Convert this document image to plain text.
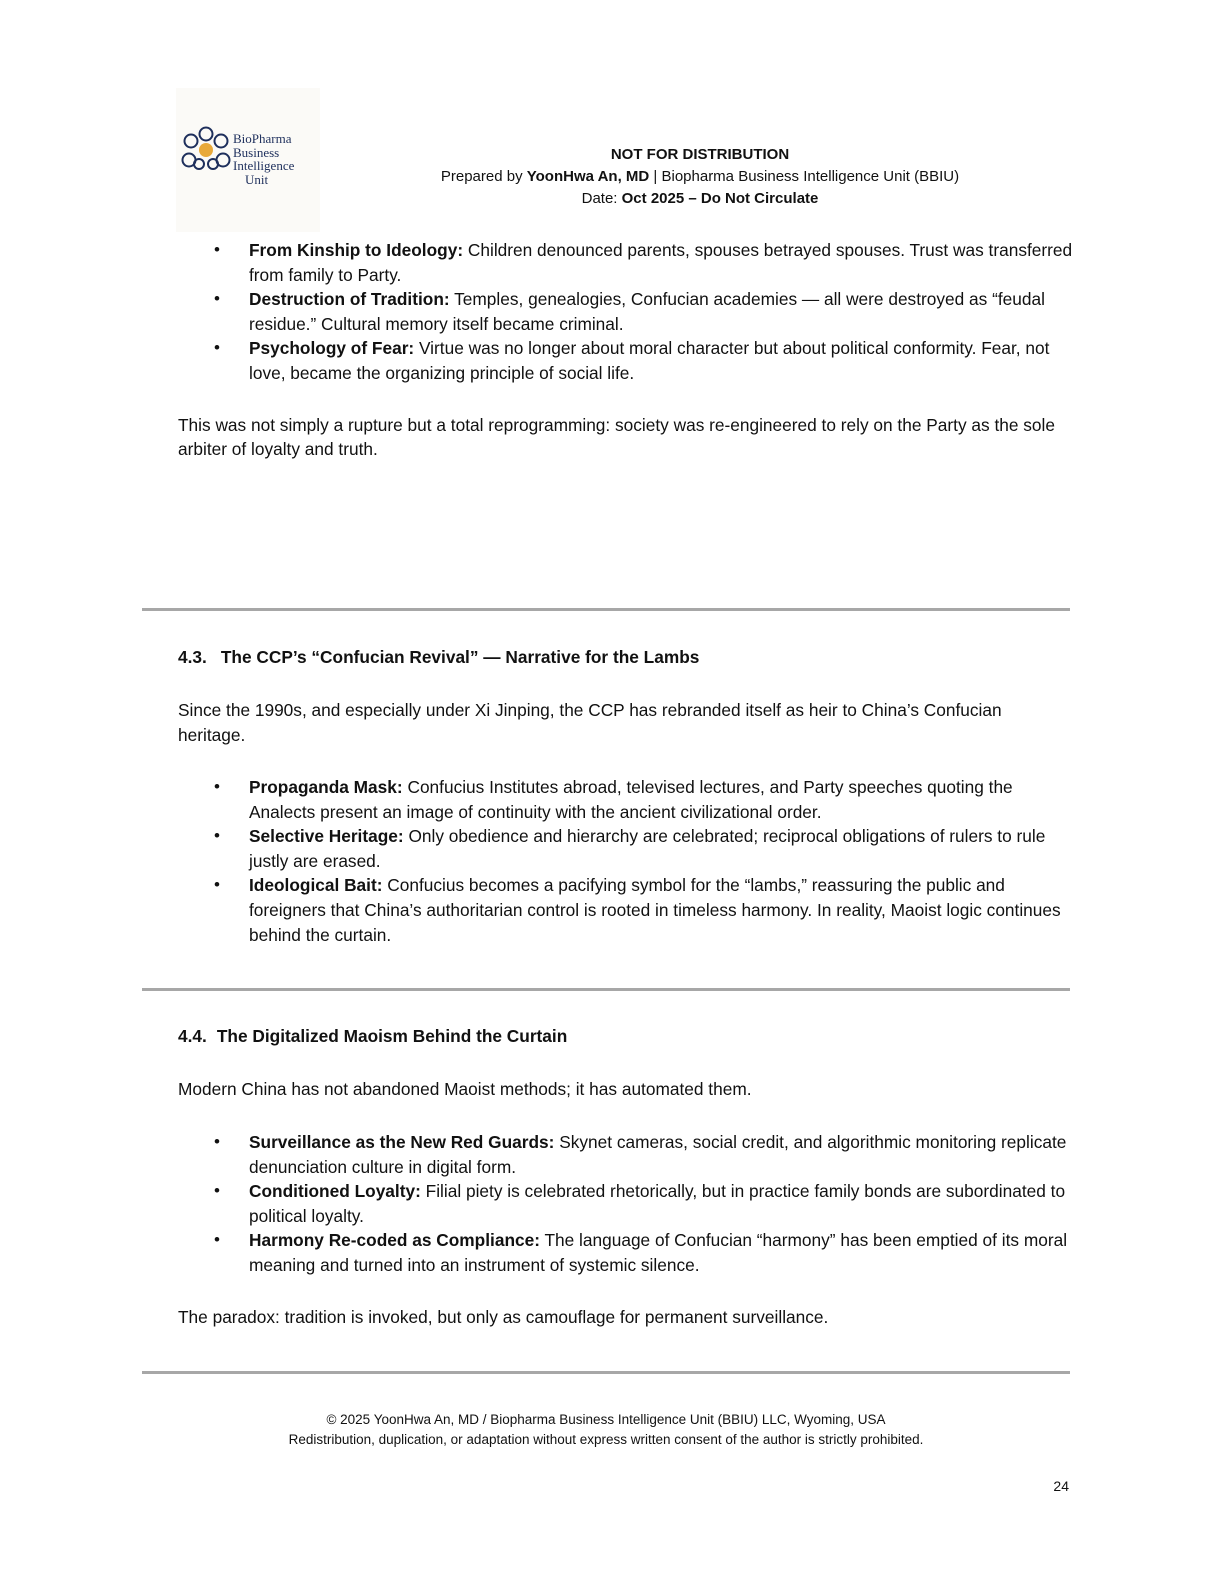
BioPharma
Business
Intelligence
Unit
NOT FOR DISTRIBUTION
Prepared by YoonHwa An, MD | Biopharma Business Intelligence Unit (BBIU)
Date: Oct 2025 – Do Not Circulate
• From Kinship to Ideology: Children denounced parents, spouses betrayed spouses. Trust was transferred from family to Party.
• Destruction of Tradition: Temples, genealogies, Confucian academies — all were destroyed as “feudal residue.” Cultural memory itself became criminal.
• Psychology of Fear: Virtue was no longer about moral character but about political conformity. Fear, not love, became the organizing principle of social life.

This was not simply a rupture but a total reprogramming: society was re-engineered to rely on the Party as the sole arbiter of loyalty and truth.

4.3. The CCP’s “Confucian Revival” — Narrative for the Lambs

Since the 1990s, and especially under Xi Jinping, the CCP has rebranded itself as heir to China’s Confucian heritage.

• Propaganda Mask: Confucius Institutes abroad, televised lectures, and Party speeches quoting the Analects present an image of continuity with the ancient civilizational order.
• Selective Heritage: Only obedience and hierarchy are celebrated; reciprocal obligations of rulers to rule justly are erased.
• Ideological Bait: Confucius becomes a pacifying symbol for the “lambs,” reassuring the public and foreigners that China’s authoritarian control is rooted in timeless harmony. In reality, Maoist logic continues behind the curtain.
4.4. The Digitalized Maoism Behind the Curtain

Modern China has not abandoned Maoist methods; it has automated them.

• Surveillance as the New Red Guards: Skynet cameras, social credit, and algorithmic monitoring replicate denunciation culture in digital form.
• Conditioned Loyalty: Filial piety is celebrated rhetorically, but in practice family bonds are subordinated to political loyalty.
• Harmony Re-coded as Compliance: The language of Confucian “harmony” has been emptied of its moral meaning and turned into an instrument of systemic silence.

The paradox: tradition is invoked, but only as camouflage for permanent surveillance.

© 2025 YoonHwa An, MD / Biopharma Business Intelligence Unit (BBIU) LLC, Wyoming, USA
Redistribution, duplication, or adaptation without express written consent of the author is strictly prohibited.
24
